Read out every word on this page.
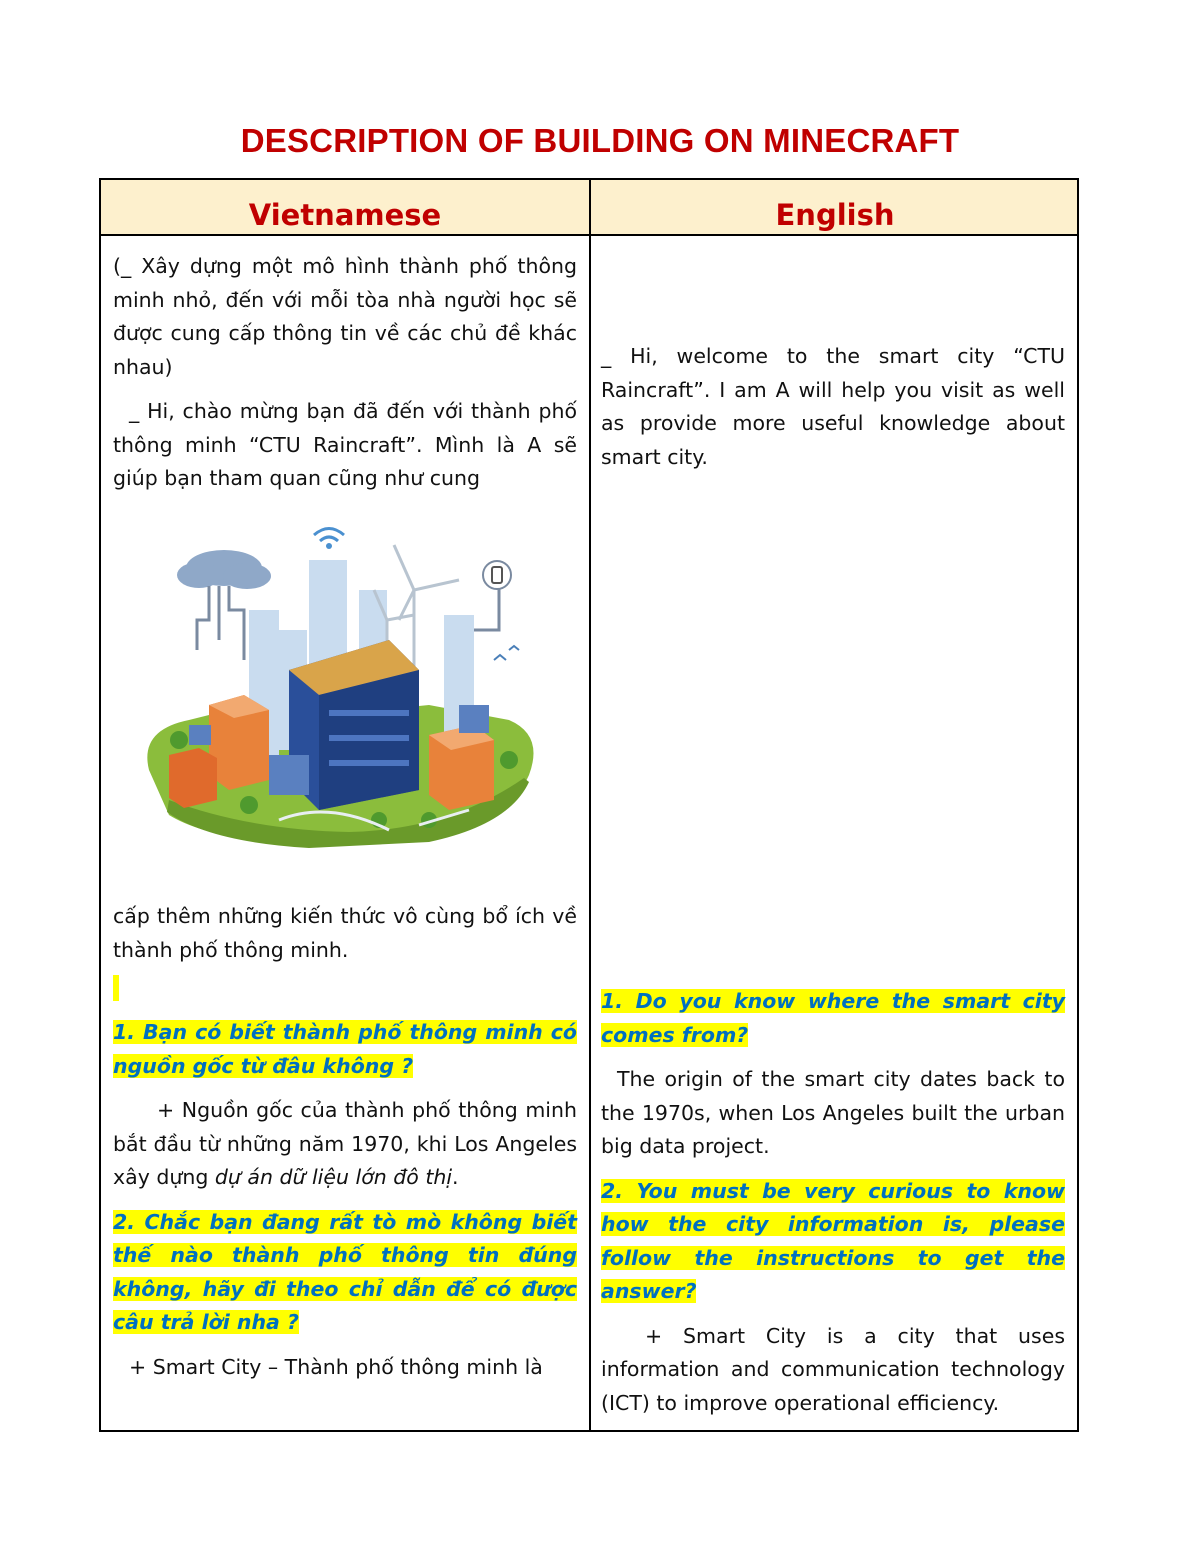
DESCRIPTION OF BUILDING ON MINECRAFT
Vietnamese	English

(_ Xây dựng một mô hình thành phố thông minh nhỏ, đến với mỗi tòa nhà người học sẽ được cung cấp thông tin về các chủ đề khác nhau)

_ Hi, chào mừng bạn đã đến với thành phố thông minh “CTU Raincraft”. Mình là A sẽ giúp bạn tham quan cũng như cung

cấp thêm những kiến thức vô cùng bổ ích về thành phố thông minh.

1. Bạn có biết thành phố thông minh có nguồn gốc từ đâu không ?

+ Nguồn gốc của thành phố thông minh bắt đầu từ những năm 1970, khi Los Angeles xây dựng dự án dữ liệu lớn đô thị.

2. Chắc bạn đang rất tò mò không biết thế nào thành phố thông tin đúng không, hãy đi theo chỉ dẫn để có được câu trả lời nha ?

+ Smart City – Thành phố thông minh là

_ Hi, welcome to the smart city “CTU Raincraft”. I am A will help you visit as well as provide more useful knowledge about smart city.

1. Do you know where the smart city comes from?

The origin of the smart city dates back to the 1970s, when Los Angeles built the urban big data project.

2. You must be very curious to know how the city information is, please follow the instructions to get the answer?

+ Smart City is a city that uses information and communication technology (ICT) to improve operational efficiency.
